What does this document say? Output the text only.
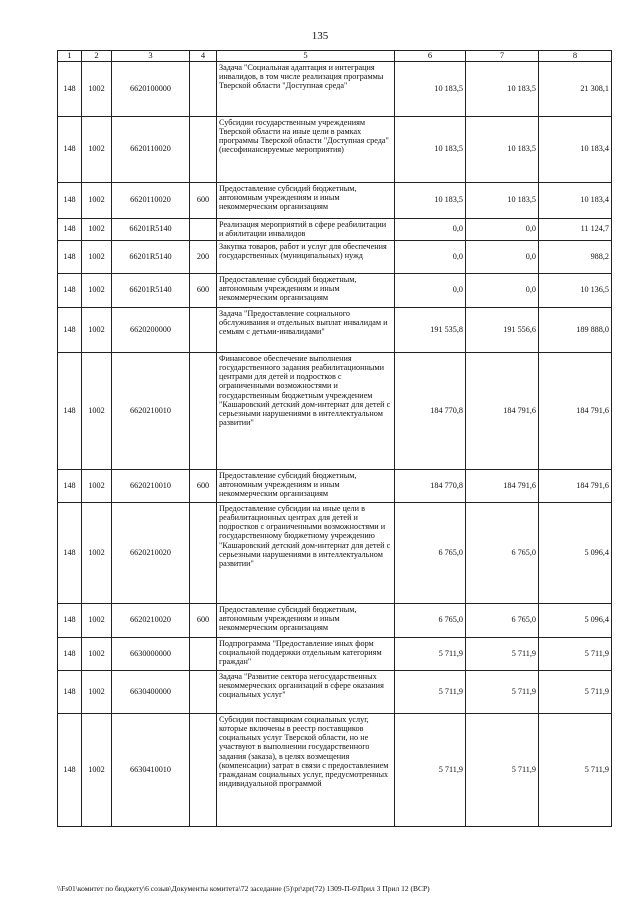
135
1	2	3	4	5	6	7	8
148	1002	6620100000		Задача "Социальная адаптация и интеграция инвалидов, в том числе реализация программы Тверской области "Доступная среда"	10 183,5	10 183,5	21 308,1
148	1002	6620110020		Субсидии государственным учреждениям Тверской области на иные цели в рамках программы Тверской области "Доступная среда" (несофинансируемые мероприятия)	10 183,5	10 183,5	10 183,4
148	1002	6620110020	600	Предоставление субсидий бюджетным, автономным учреждениям и иным некоммерческим организациям	10 183,5	10 183,5	10 183,4
148	1002	66201R5140		Реализация мероприятий в сфере реабилитации и абилитации инвалидов	0,0	0,0	11 124,7
148	1002	66201R5140	200	Закупка товаров, работ и услуг для обеспечения государственных (муниципальных) нужд	0,0	0,0	988,2
148	1002	66201R5140	600	Предоставление субсидий бюджетным, автономным учреждениям и иным некоммерческим организациям	0,0	0,0	10 136,5
148	1002	6620200000		Задача "Предоставление социального обслуживания и отдельных выплат инвалидам и семьям с детьми-инвалидами"	191 535,8	191 556,6	189 888,0
148	1002	6620210010		Финансовое обеспечение выполнения государственного задания реабилитационными центрами для детей и подростков с ограниченными возможностями и государственным бюджетным учреждением "Кашаровский детский дом-интернат для детей с серьезными нарушениями в интеллектуальном развитии"	184 770,8	184 791,6	184 791,6
148	1002	6620210010	600	Предоставление субсидий бюджетным, автономным учреждениям и иным некоммерческим организациям	184 770,8	184 791,6	184 791,6
148	1002	6620210020		Предоставление субсидии на иные цели в реабилитационных центрах для детей и подростков с ограниченными возможностями и государственному бюджетному учреждению "Кашаровский детский дом-интернат для детей с серьезными нарушениями в интеллектуальном развитии"	6 765,0	6 765,0	5 096,4
148	1002	6620210020	600	Предоставление субсидий бюджетным, автономным учреждениям и иным некоммерческим организациям	6 765,0	6 765,0	5 096,4
148	1002	6630000000		Подпрограмма "Предоставление иных форм социальной поддержки отдельным категориям граждан"	5 711,9	5 711,9	5 711,9
148	1002	6630400000		Задача "Развитие сектора негосударственных некоммерческих организаций в сфере оказания социальных услуг"	5 711,9	5 711,9	5 711,9
148	1002	6630410010		Субсидии поставщикам социальных услуг, которые включены в реестр поставщиков социальных услуг Тверской области, но не участвуют в выполнении государственного задания (заказа), в целях возмещения (компенсации) затрат в связи с предоставлением гражданам социальных услуг, предусмотренных индивидуальной программой	5 711,9	5 711,9	5 711,9
\\Fs01\комитет по бюджету\6 созыв\Документы комитета\72 заседание (5)\pr\zpr(72) 1309-П-6\Прил 3 Прил 12 (ВСР)
